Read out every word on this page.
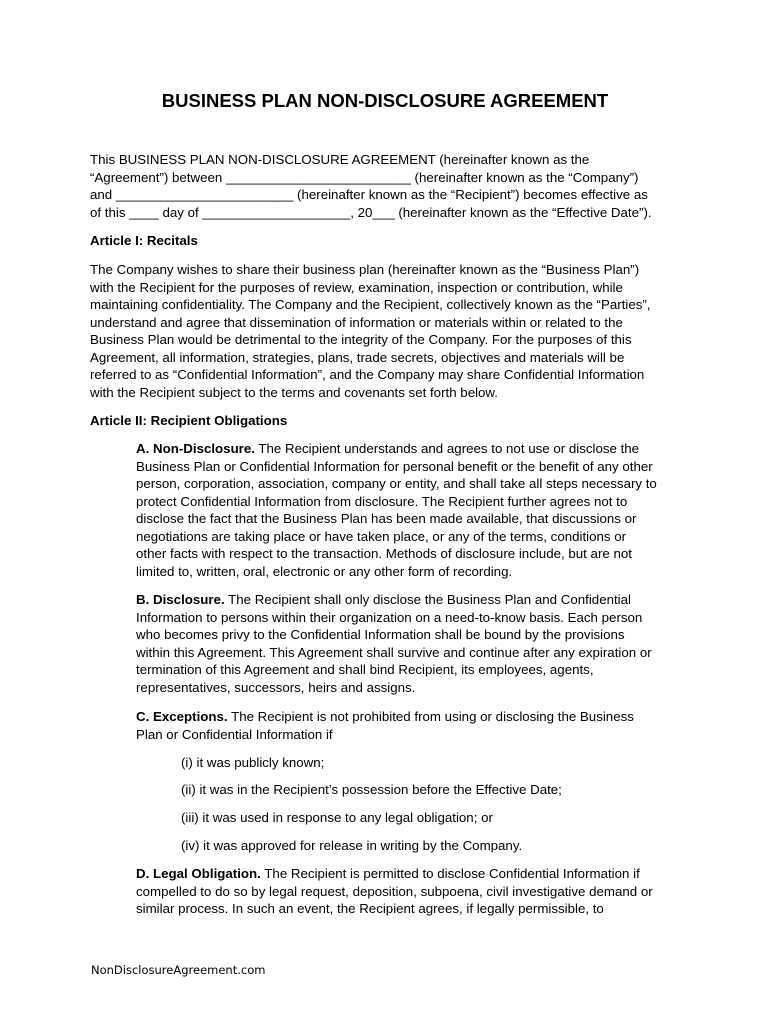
BUSINESS PLAN NON-DISCLOSURE AGREEMENT
This BUSINESS PLAN NON-DISCLOSURE AGREEMENT (hereinafter known as the
“Agreement”) between _________________________ (hereinafter known as the “Company”)
and ________________________ (hereinafter known as the “Recipient”) becomes effective as
of this ____ day of ____________________, 20___ (hereinafter known as the “Effective Date”).
Article I: Recitals
The Company wishes to share their business plan (hereinafter known as the “Business Plan”)
with the Recipient for the purposes of review, examination, inspection or contribution, while
maintaining confidentiality. The Company and the Recipient, collectively known as the “Parties”,
understand and agree that dissemination of information or materials within or related to the
Business Plan would be detrimental to the integrity of the Company. For the purposes of this
Agreement, all information, strategies, plans, trade secrets, objectives and materials will be
referred to as “Confidential Information”, and the Company may share Confidential Information
with the Recipient subject to the terms and covenants set forth below.
Article II: Recipient Obligations
A. Non-Disclosure. The Recipient understands and agrees to not use or disclose the
Business Plan or Confidential Information for personal benefit or the benefit of any other
person, corporation, association, company or entity, and shall take all steps necessary to
protect Confidential Information from disclosure. The Recipient further agrees not to
disclose the fact that the Business Plan has been made available, that discussions or
negotiations are taking place or have taken place, or any of the terms, conditions or
other facts with respect to the transaction. Methods of disclosure include, but are not
limited to, written, oral, electronic or any other form of recording.
B. Disclosure. The Recipient shall only disclose the Business Plan and Confidential
Information to persons within their organization on a need-to-know basis. Each person
who becomes privy to the Confidential Information shall be bound by the provisions
within this Agreement. This Agreement shall survive and continue after any expiration or
termination of this Agreement and shall bind Recipient, its employees, agents,
representatives, successors, heirs and assigns.
C. Exceptions. The Recipient is not prohibited from using or disclosing the Business
Plan or Confidential Information if
(i) it was publicly known;
(ii) it was in the Recipient’s possession before the Effective Date;
(iii) it was used in response to any legal obligation; or
(iv) it was approved for release in writing by the Company.
D. Legal Obligation. The Recipient is permitted to disclose Confidential Information if
compelled to do so by legal request, deposition, subpoena, civil investigative demand or
similar process. In such an event, the Recipient agrees, if legally permissible, to
NonDisclosureAgreement.com
